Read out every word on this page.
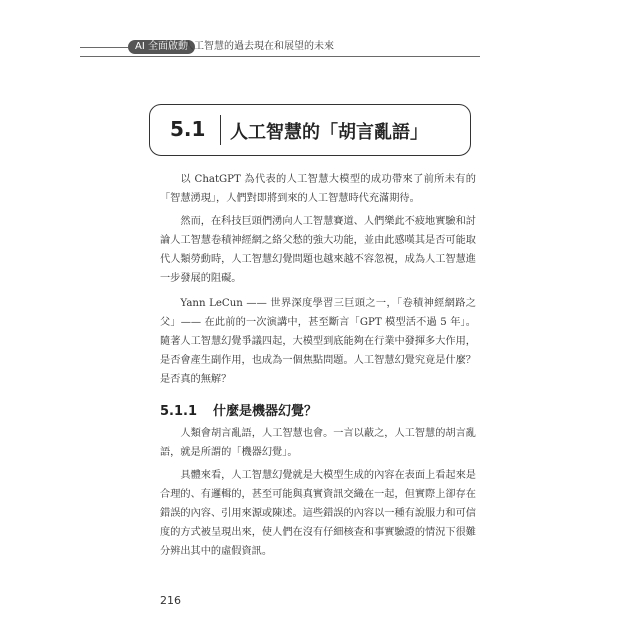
AI 全面啟動
人工智慧的過去現在和展望的未來
5.1 人工智慧的「胡言亂語」

以 ChatGPT 為代表的人工智慧大模型的成功帶來了前所未有的「智慧湧現」，人們對即將到來的人工智慧時代充滿期待。

然而，在科技巨頭們湧向人工智慧賽道、人們樂此不疲地實驗和討論人工智慧卷積神經網之絡父愁的強大功能，並由此感嘆其是否可能取代人類勞動時，人工智慧幻覺問題也越來越不容忽視，成為人工智慧進一步發展的阻礙。

Yann LeCun —— 世界深度學習三巨頭之一，「卷積神經網路之父」—— 在此前的一次演講中，甚至斷言「GPT 模型活不過 5 年」。隨著人工智慧幻覺爭議四起，大模型到底能夠在行業中發揮多大作用，是否會產生副作用，也成為一個焦點問題。人工智慧幻覺究竟是什麼？是否真的無解？

5.1.1 什麼是機器幻覺？

人類會胡言亂語，人工智慧也會。一言以蔽之，人工智慧的胡言亂語，就是所謂的「機器幻覺」。

具體來看，人工智慧幻覺就是大模型生成的內容在表面上看起來是合理的、有邏輯的，甚至可能與真實資訊交織在一起，但實際上卻存在錯誤的內容、引用來源或陳述。這些錯誤的內容以一種有說服力和可信度的方式被呈現出來，使人們在沒有仔細核查和事實驗證的情況下很難分辨出其中的虛假資訊。

216
